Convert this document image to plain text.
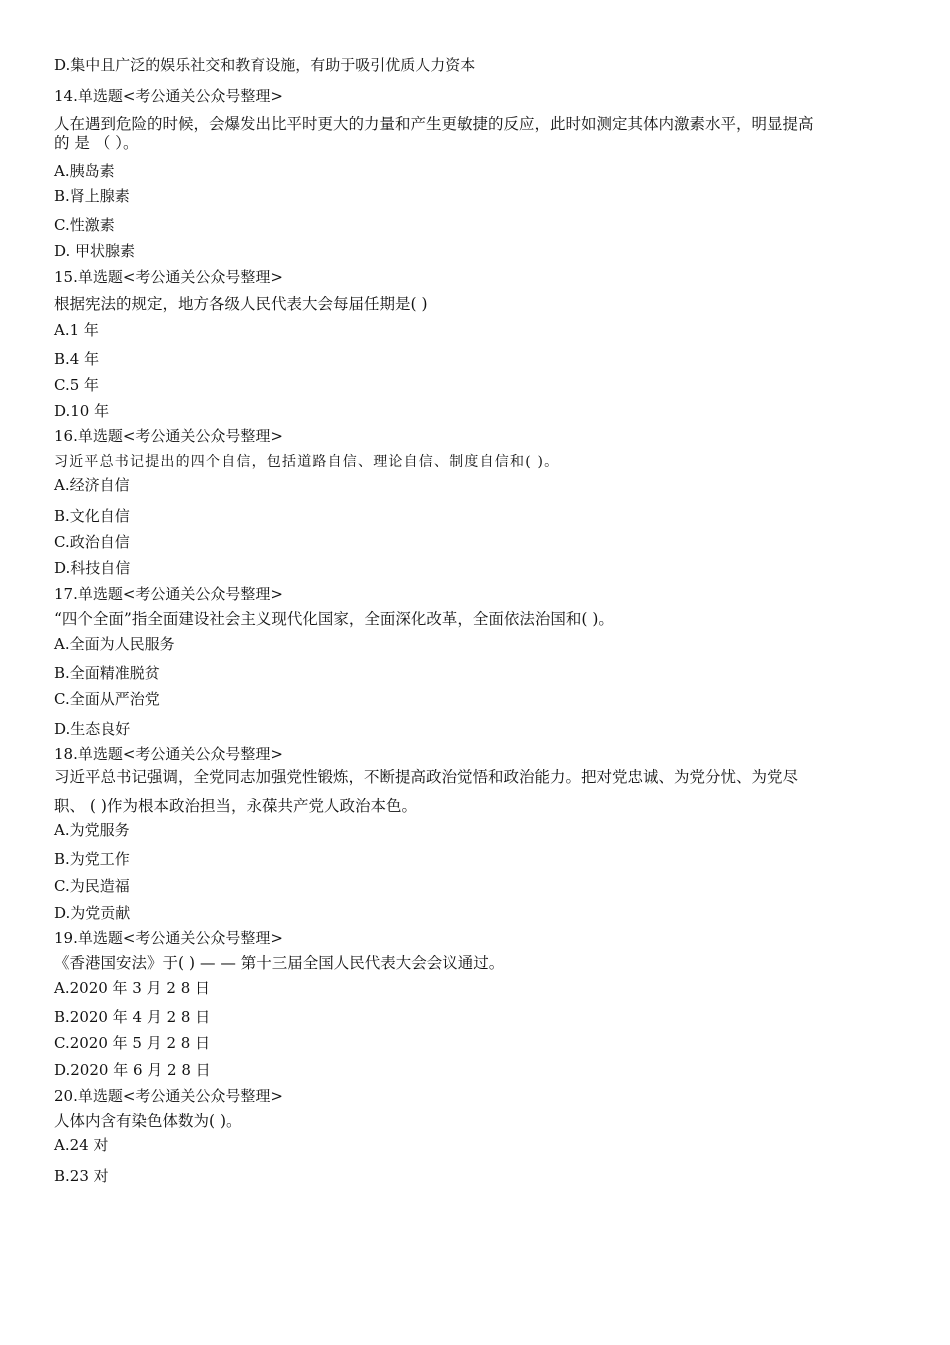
D.集中且广泛的娱乐社交和教育设施，有助于吸引优质人力资本
14.单选题<考公通关公众号整理>
人在遇到危险的时候，会爆发出比平时更大的力量和产生更敏捷的反应，此时如测定其体内激素水平，明显提高
的 是 （ ）。
A.胰岛素
B.肾上腺素
C.性激素
D. 甲状腺素
15.单选题<考公通关公众号整理>
根据宪法的规定，地方各级人民代表大会每届任期是( )
A.1 年
B.4 年
C.5 年
D.10 年
16.单选题<考公通关公众号整理>
习近平总书记提出的四个自信，包括道路自信、理论自信、制度自信和( )。
A.经济自信
B.文化自信
C.政治自信
D.科技自信
17.单选题<考公通关公众号整理>
“四个全面”指全面建设社会主义现代化国家，全面深化改革，全面依法治国和( )。
A.全面为人民服务
B.全面精准脱贫
C.全面从严治党
D.生态良好
18.单选题<考公通关公众号整理>
习近平总书记强调，全党同志加强党性锻炼，不断提高政治觉悟和政治能力。把对党忠诚、为党分忧、为党尽
职、 ( )作为根本政治担当，永葆共产党人政治本色。
A.为党服务
B.为党工作
C.为民造福
D.为党贡献
19.单选题<考公通关公众号整理>
《香港国安法》于( ) — — 第十三届全国人民代表大会会议通过。
A.2020 年 3 月 2 8 日
B.2020 年 4 月 2 8 日
C.2020 年 5 月 2 8 日
D.2020 年 6 月 2 8 日
20.单选题<考公通关公众号整理>
人体内含有染色体数为( )。
A.24 对
B.23 对
